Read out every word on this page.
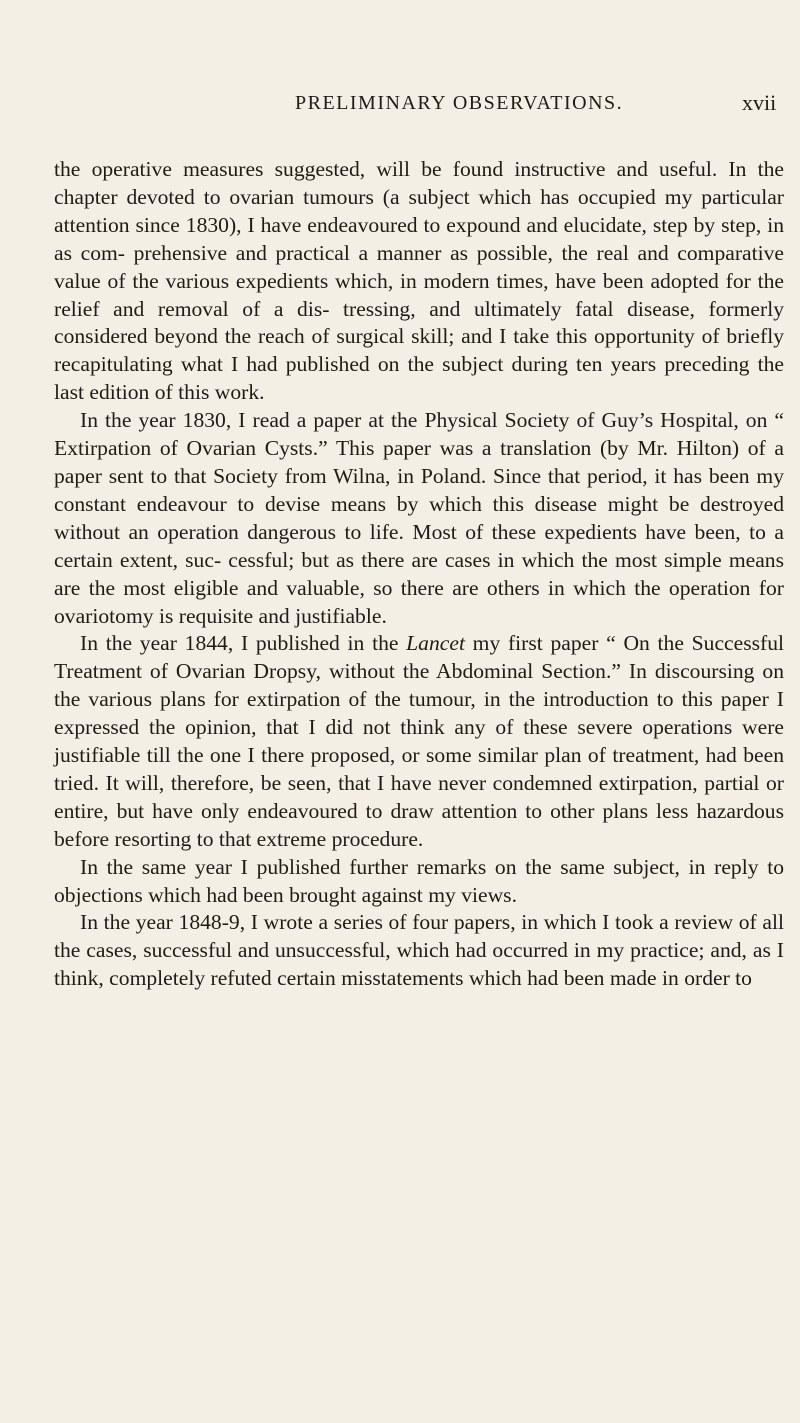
PRELIMINARY OBSERVATIONS.	xvii

the operative measures suggested, will be found instructive and useful. In the chapter devoted to ovarian tumours (a subject which has occupied my particular attention since 1830), I have endeavoured to expound and elucidate, step by step, in as com- prehensive and practical a manner as possible, the real and comparative value of the various expedients which, in modern times, have been adopted for the relief and removal of a dis- tressing, and ultimately fatal disease, formerly considered beyond the reach of surgical skill; and I take this opportunity of briefly recapitulating what I had published on the subject during ten years preceding the last edition of this work.

In the year 1830, I read a paper at the Physical Society of Guy’s Hospital, on “ Extirpation of Ovarian Cysts.” This paper was a translation (by Mr. Hilton) of a paper sent to that Society from Wilna, in Poland. Since that period, it has been my constant endeavour to devise means by which this disease might be destroyed without an operation dangerous to life. Most of these expedients have been, to a certain extent, suc- cessful; but as there are cases in which the most simple means are the most eligible and valuable, so there are others in which the operation for ovariotomy is requisite and justifiable.

In the year 1844, I published in the Lancet my first paper “ On the Successful Treatment of Ovarian Dropsy, without the Abdominal Section.” In discoursing on the various plans for extirpation of the tumour, in the introduction to this paper I expressed the opinion, that I did not think any of these severe operations were justifiable till the one I there proposed, or some similar plan of treatment, had been tried. It will, therefore, be seen, that I have never condemned extirpation, partial or entire, but have only endeavoured to draw attention to other plans less hazardous before resorting to that extreme procedure.

In the same year I published further remarks on the same subject, in reply to objections which had been brought against my views.

In the year 1848-9, I wrote a series of four papers, in which I took a review of all the cases, successful and unsuccessful, which had occurred in my practice; and, as I think, completely refuted certain misstatements which had been made in order to
